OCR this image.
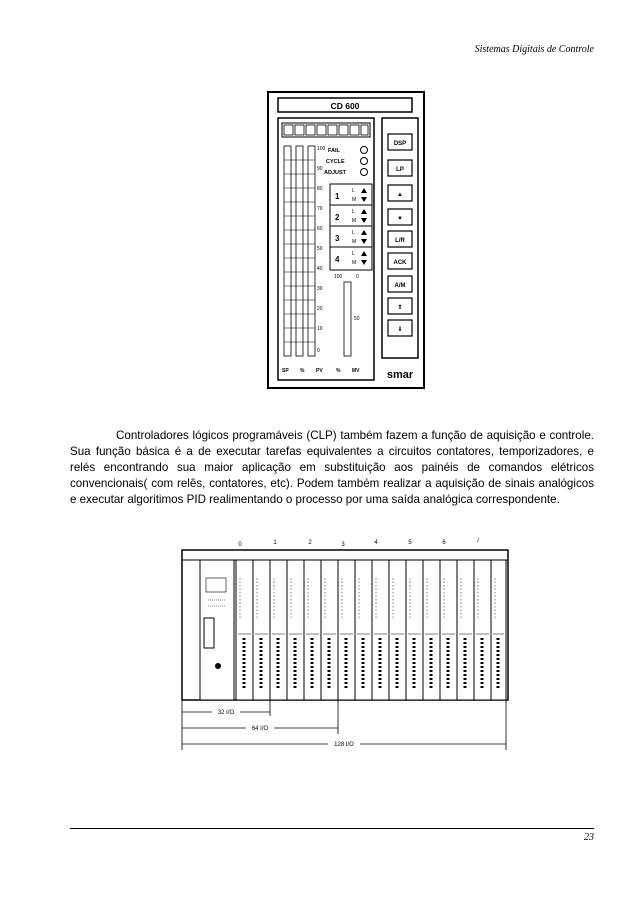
Sistemas Digitais de Controle
CD 600
100
90
80
70
60
50
40
30
20
10
0
FAIL
CYCLE
ADJUST
1
2
3
4
L
M
L
M
L
M
L
M
100	0
50
SP % PV	% MV
DSP
LP
▲
▼
L/R
ACK
A/M
⇑
⇓
smar
Controladores lógicos programáveis (CLP) também fazem a função de aquisição e controle. Sua função básica é a de executar tarefas equivalentes a circuitos contatores, temporizadores, e relés encontrando sua maior aplicação em substituição aos painéis de comandos elétricos convencionais( com relês, contatores, etc). Podem também realizar a aquisição de sinais analógicos e executar algoritimos PID realimentando o processo por uma saída analógica correspondente.
0	1	2	3	4	5	6	7
32 I/O
64 I/O
128 I/O
23
